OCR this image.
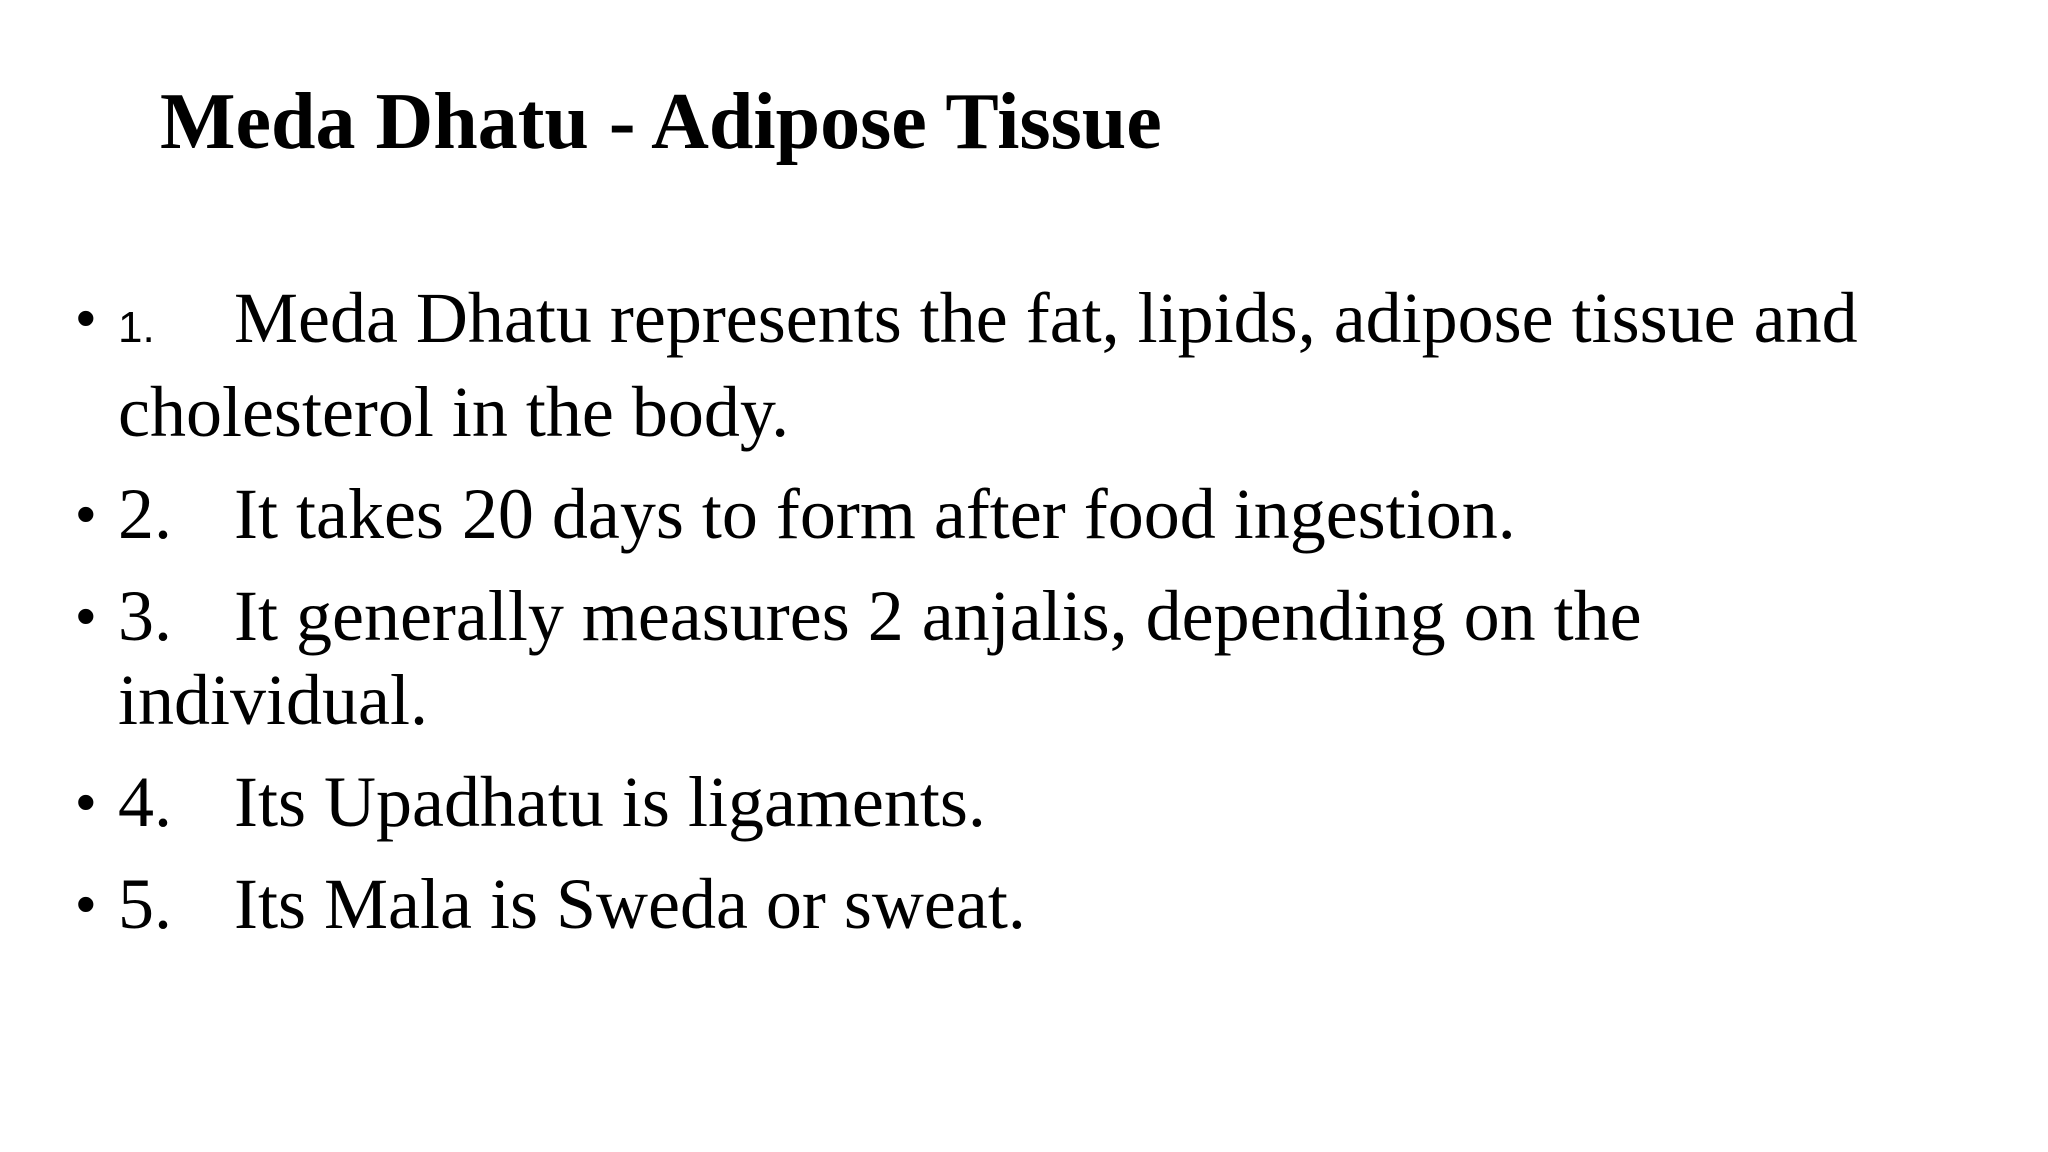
Meda Dhatu - Adipose Tissue
• 1. Meda Dhatu represents the fat, lipids, adipose tissue and cholesterol in the body.
• 2. It takes 20 days to form after food ingestion.
• 3. It generally measures 2 anjalis, depending on the individual.
• 4. Its Upadhatu is ligaments.
• 5. Its Mala is Sweda or sweat.
